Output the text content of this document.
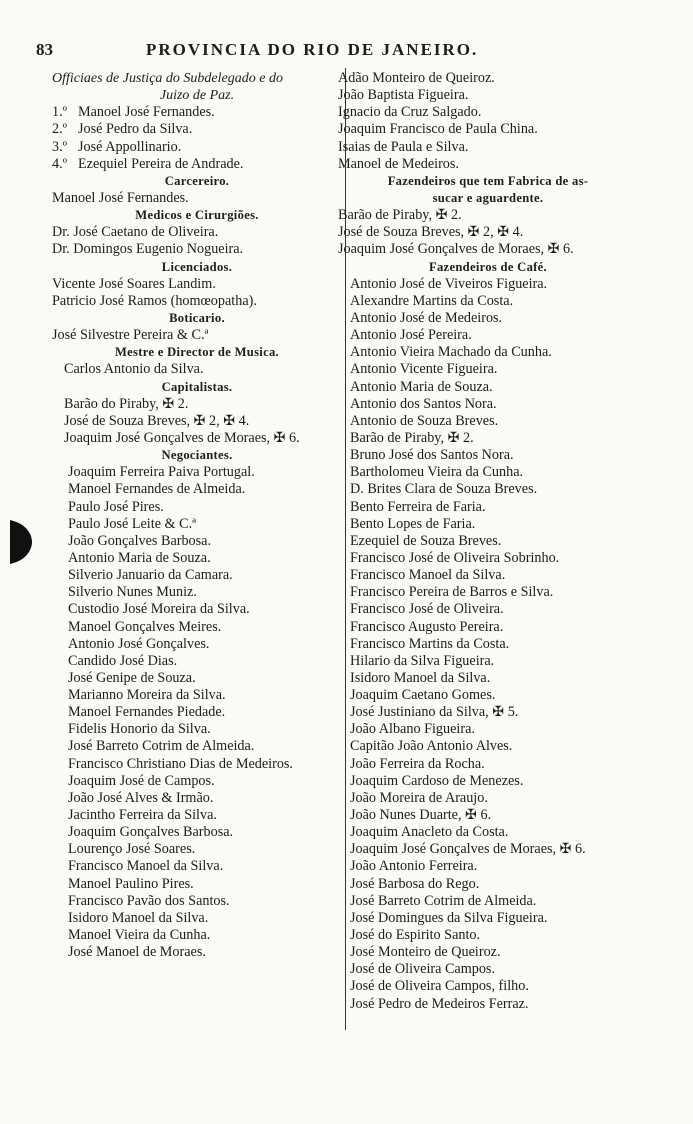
83	PROVINCIA DO RIO DE JANEIRO.
Officiaes de Justiça do Subdelegado e do
Juizo de Paz.
1.º Manoel José Fernandes.
2.º José Pedro da Silva.
3.º José Appollinario.
4.º Ezequiel Pereira de Andrade.
Carcereiro.
Manoel José Fernandes.
Medicos e Cirurgiões.
Dr. José Caetano de Oliveira.
Dr. Domingos Eugenio Nogueira.
Licenciados.
Vicente José Soares Landim.
Patricio José Ramos (homœopatha).
Boticario.
José Silvestre Pereira & C.ª
Mestre e Director de Musica.
Carlos Antonio da Silva.
Capitalistas.
Barão do Piraby, ✠ 2.
José de Souza Breves, ✠ 2, ✠ 4.
Joaquim José Gonçalves de Moraes, ✠ 6.
Negociantes.
Joaquim Ferreira Paiva Portugal.
Manoel Fernandes de Almeida.
Paulo José Pires.
Paulo José Leite & C.ª
João Gonçalves Barbosa.
Antonio Maria de Souza.
Silverio Januario da Camara.
Silverio Nunes Muniz.
Custodio José Moreira da Silva.
Manoel Gonçalves Meires.
Antonio José Gonçalves.
Candido José Dias.
José Genipe de Souza.
Marianno Moreira da Silva.
Manoel Fernandes Piedade.
Fidelis Honorio da Silva.
José Barreto Cotrim de Almeida.
Francisco Christiano Dias de Medeiros.
Joaquim José de Campos.
João José Alves & Irmão.
Jacintho Ferreira da Silva.
Joaquim Gonçalves Barbosa.
Lourenço José Soares.
Francisco Manoel da Silva.
Manoel Paulino Pires.
Francisco Pavão dos Santos.
Isidoro Manoel da Silva.
Manoel Vieira da Cunha.
José Manoel de Moraes.
Adão Monteiro de Queiroz.
João Baptista Figueira.
Ignacio da Cruz Salgado.
Joaquim Francisco de Paula China.
Isaias de Paula e Silva.
Manoel de Medeiros.
Fazendeiros que tem Fabrica de as-
sucar e aguardente.
Barão de Piraby, ✠ 2.
José de Souza Breves, ✠ 2, ✠ 4.
Joaquim José Gonçalves de Moraes, ✠ 6.
Fazendeiros de Café.
Antonio José de Viveiros Figueira.
Alexandre Martins da Costa.
Antonio José de Medeiros.
Antonio José Pereira.
Antonio Vieira Machado da Cunha.
Antonio Vicente Figueira.
Antonio Maria de Souza.
Antonio dos Santos Nora.
Antonio de Souza Breves.
Barão de Piraby, ✠ 2.
Bruno José dos Santos Nora.
Bartholomeu Vieira da Cunha.
D. Brites Clara de Souza Breves.
Bento Ferreira de Faria.
Bento Lopes de Faria.
Ezequiel de Souza Breves.
Francisco José de Oliveira Sobrinho.
Francisco Manoel da Silva.
Francisco Pereira de Barros e Silva.
Francisco José de Oliveira.
Francisco Augusto Pereira.
Francisco Martins da Costa.
Hilario da Silva Figueira.
Isidoro Manoel da Silva.
Joaquim Caetano Gomes.
José Justiniano da Silva, ✠ 5.
João Albano Figueira.
Capitão João Antonio Alves.
João Ferreira da Rocha.
Joaquim Cardoso de Menezes.
João Moreira de Araujo.
João Nunes Duarte, ✠ 6.
Joaquim Anacleto da Costa.
Joaquim José Gonçalves de Moraes, ✠ 6.
João Antonio Ferreira.
José Barbosa do Rego.
José Barreto Cotrim de Almeida.
José Domingues da Silva Figueira.
José do Espirito Santo.
José Monteiro de Queiroz.
José de Oliveira Campos.
José de Oliveira Campos, filho.
José Pedro de Medeiros Ferraz.
